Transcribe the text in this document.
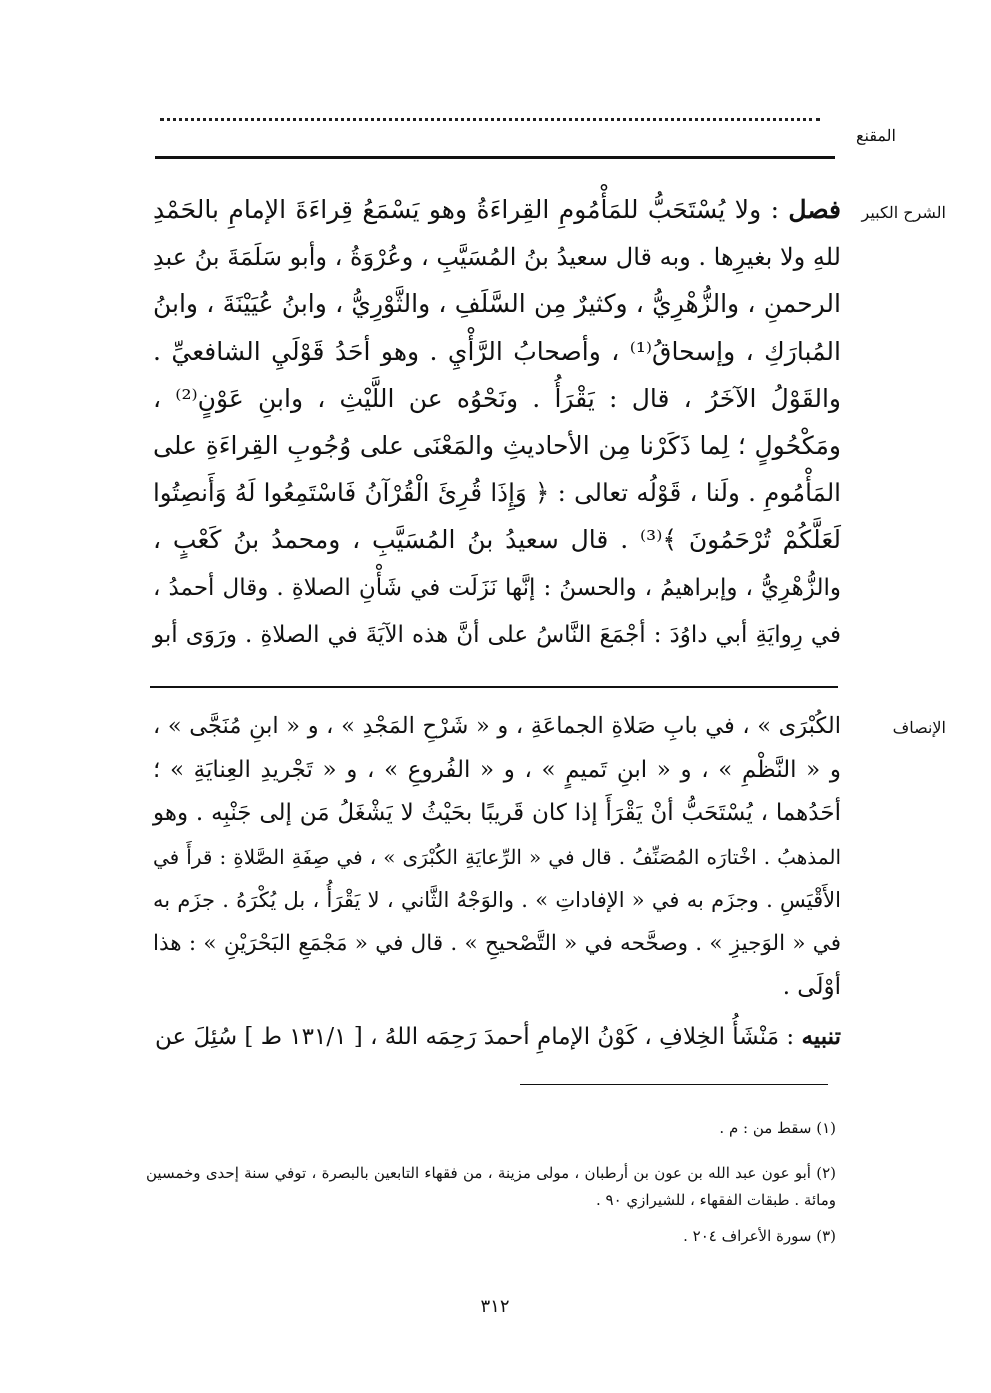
المقنع
الشرح الكبير
فصل : ولا يُسْتَحَبُّ للمَأْمُومِ القِراءَةُ وهو يَسْمَعُ قِراءَةَ الإمامِ بالحَمْدِ
للهِ ولا بغيرِها . وبه قال سعيدُ بنُ المُسَيَّبِ ، وعُرْوَةُ ، وأبو سَلَمَةَ بنُ عبدِ
الرحمنِ ، والزُّهْرِيُّ ، وكثيرٌ مِن السَّلَفِ ، والثَّوْرِيُّ ، وابنُ عُيَيْنَةَ ، وابنُ
المُبارَكِ ، وإسحاقُ⁽¹⁾ ، وأصحابُ الرَّأْيِ . وهو أحَدُ قَوْلَيِ الشافعيِّ .
والقَوْلُ الآخَرُ ، قال : يَقْرَأُ . ونَحْوُه عن اللَّيْثِ ، وابنِ عَوْنٍ⁽²⁾ ،
ومَكْحُولٍ ؛ لِما ذَكَرْنا مِن الأحاديثِ والمَعْنَى على وُجُوبِ القِراءَةِ على
المَأْمُومِ . ولَنا ، قَوْلُه تعالى : ﴿ وَإِذَا قُرِئَ الْقُرْآنُ فَاسْتَمِعُوا لَهُ وَأَنصِتُوا
لَعَلَّكُمْ تُرْحَمُونَ ﴾⁽³⁾ . قال سعيدُ بنُ المُسَيَّبِ ، ومحمدُ بنُ كَعْبٍ ،
والزُّهْرِيُّ ، وإبراهيمُ ، والحسنُ : إنَّها نَزَلَت في شَأْنِ الصلاةِ . وقال أحمدُ ،
في رِوايَةِ أبي داوُدَ : أجْمَعَ النَّاسُ على أنَّ هذه الآيَةَ في الصلاةِ . ورَوَى أبو
الإنصاف
الكُبْرَى » ، في بابِ صَلاةِ الجماعَةِ ، و « شَرْحِ المَجْدِ » ، و « ابنِ مُنَجَّى » ،
و « النَّظْمِ » ، و « ابنِ تَميمٍ » ، و « الفُروعِ » ، و « تَجْريدِ العِنايَةِ » ؛
أحَدُهما ، يُسْتَحَبُّ أنْ يَقْرَأَ إذا كان قَريبًا بحَيْثُ لا يَشْغَلُ مَن إلى جَنْبِه . وهو
المذهبُ . اخْتارَه المُصَنِّفُ . قال في « الرِّعايَةِ الكُبْرَى » ، في صِفَةِ الصَّلاةِ : قرأَ في
الأَقْيَسِ . وجزَم به في « الإفاداتِ » . والوَجْهُ الثَّاني ، لا يَقْرَأُ ، بل يُكْرَهُ . جزَم به
في « الوَجيزِ » . وصحَّحه في « التَّصْحيحِ » . قال في « مَجْمَعِ البَحْرَيْنِ » : هذا
أوْلَى .
تنبيه : مَنْشَأُ الخِلافِ ، كَوْنُ الإمامِ أحمدَ رَحِمَه اللهُ ، [ ١٣١/١ ط ] سُئِلَ عن
(١) سقط من : م .
(٢) أبو عون عبد الله بن عون بن أرطبان ، مولى مزينة ، من فقهاء التابعين بالبصرة ، توفي سنة إحدى وخمسين
ومائة . طبقات الفقهاء ، للشيرازي ٩٠ .
(٣) سورة الأعراف ٢٠٤ .
٣١٢
